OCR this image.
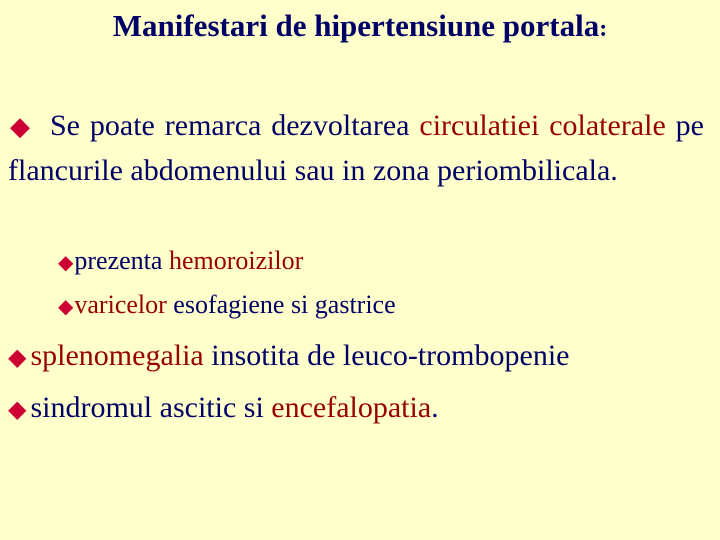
Manifestari de hipertensiune portala:
◆ Se poate remarca dezvoltarea circulatiei colaterale pe flancurile abdomenului sau in zona periombilicala.
◆prezenta hemoroizilor
◆varicelor esofagiene si gastrice
◆ splenomegalia insotita de leuco-trombopenie
◆ sindromul ascitic si encefalopatia.
